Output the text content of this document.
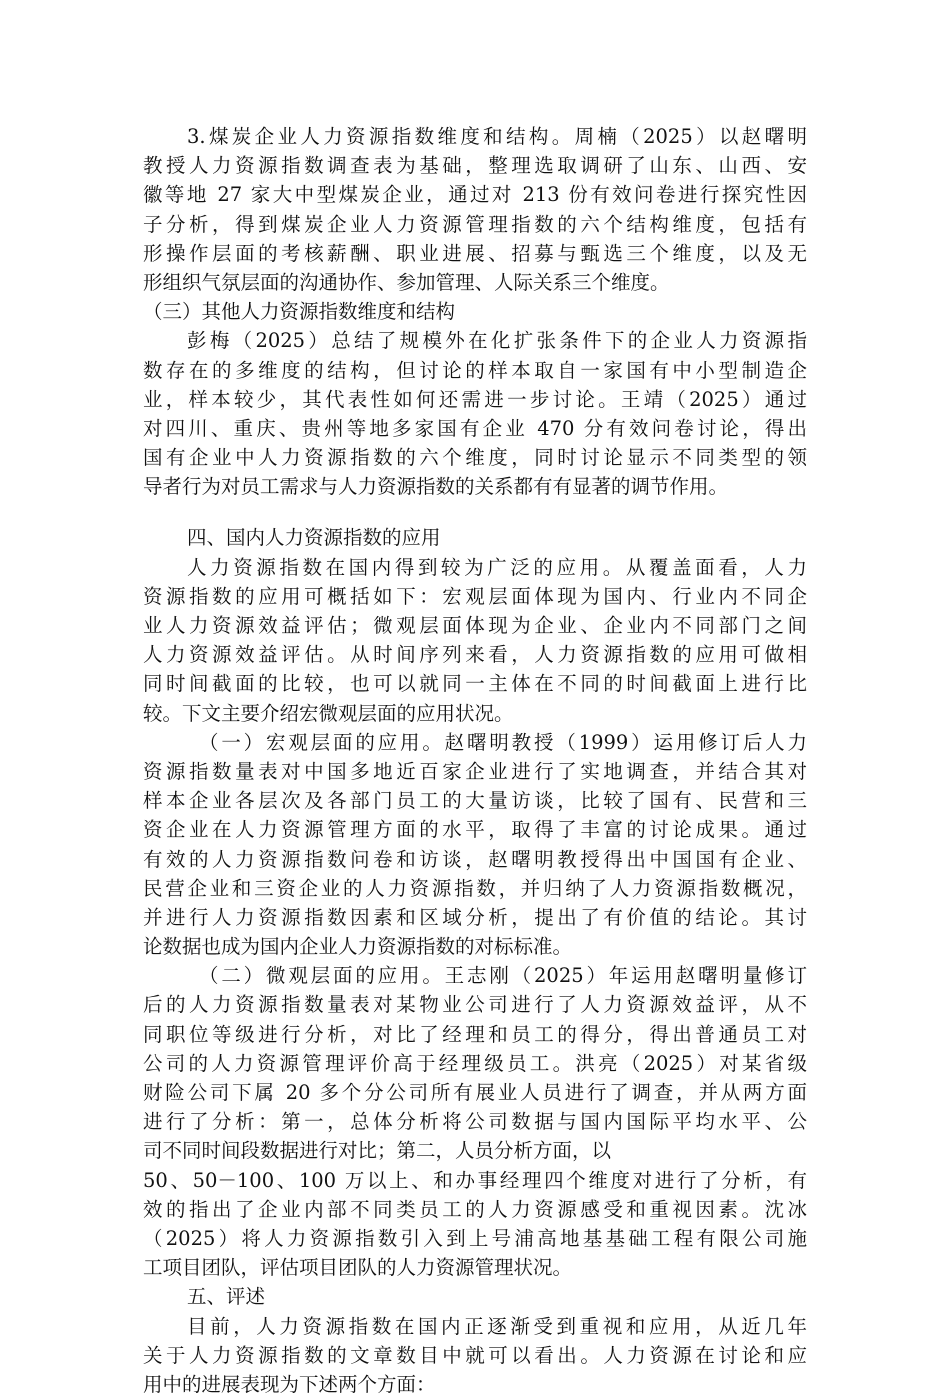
3.煤炭企业人力资源指数维度和结构。周楠（2025）以赵曙明
教授人力资源指数调查表为基础，整理选取调研了山东、山西、安
徽等地 27 家大中型煤炭企业，通过对 213 份有效问卷进行探究性因
子分析，得到煤炭企业人力资源管理指数的六个结构维度，包括有
形操作层面的考核薪酬、职业进展、招募与甄选三个维度，以及无
形组织气氛层面的沟通协作、参加管理、人际关系三个维度。
（三）其他人力资源指数维度和结构
彭梅（2025）总结了规模外在化扩张条件下的企业人力资源指
数存在的多维度的结构，但讨论的样本取自一家国有中小型制造企
业，样本较少，其代表性如何还需进一步讨论。王靖（2025）通过
对四川、重庆、贵州等地多家国有企业 470 分有效问卷讨论，得出
国有企业中人力资源指数的六个维度，同时讨论显示不同类型的领
导者行为对员工需求与人力资源指数的关系都有有显著的调节作用。
四、国内人力资源指数的应用
人力资源指数在国内得到较为广泛的应用。从覆盖面看，人力
资源指数的应用可概括如下：宏观层面体现为国内、行业内不同企
业人力资源效益评估；微观层面体现为企业、企业内不同部门之间
人力资源效益评估。从时间序列来看，人力资源指数的应用可做相
同时间截面的比较，也可以就同一主体在不同的时间截面上进行比
较。下文主要介绍宏微观层面的应用状况。
（一）宏观层面的应用。赵曙明教授（1999）运用修订后人力
资源指数量表对中国多地近百家企业进行了实地调查，并结合其对
样本企业各层次及各部门员工的大量访谈，比较了国有、民营和三
资企业在人力资源管理方面的水平，取得了丰富的讨论成果。通过
有效的人力资源指数问卷和访谈，赵曙明教授得出中国国有企业、
民营企业和三资企业的人力资源指数，并归纳了人力资源指数概况，
并进行人力资源指数因素和区域分析，提出了有价值的结论。其讨
论数据也成为国内企业人力资源指数的对标标准。
（二）微观层面的应用。王志刚（2025）年运用赵曙明量修订
后的人力资源指数量表对某物业公司进行了人力资源效益评，从不
同职位等级进行分析，对比了经理和员工的得分，得出普通员工对
公司的人力资源管理评价高于经理级员工。洪亮（2025）对某省级
财险公司下属 20 多个分公司所有展业人员进行了调查，并从两方面
进行了分析：第一，总体分析将公司数据与国内国际平均水平、公
司不同时间段数据进行对比；第二，人员分析方面，以
50、50－100、100 万以上、和办事经理四个维度对进行了分析，有
效的指出了企业内部不同类员工的人力资源感受和重视因素。沈冰
（2025）将人力资源指数引入到上号浦高地基基础工程有限公司施
工项目团队，评估项目团队的人力资源管理状况。
五、评述
目前，人力资源指数在国内正逐渐受到重视和应用，从近几年
关于人力资源指数的文章数目中就可以看出。人力资源在讨论和应
用中的进展表现为下述两个方面：
